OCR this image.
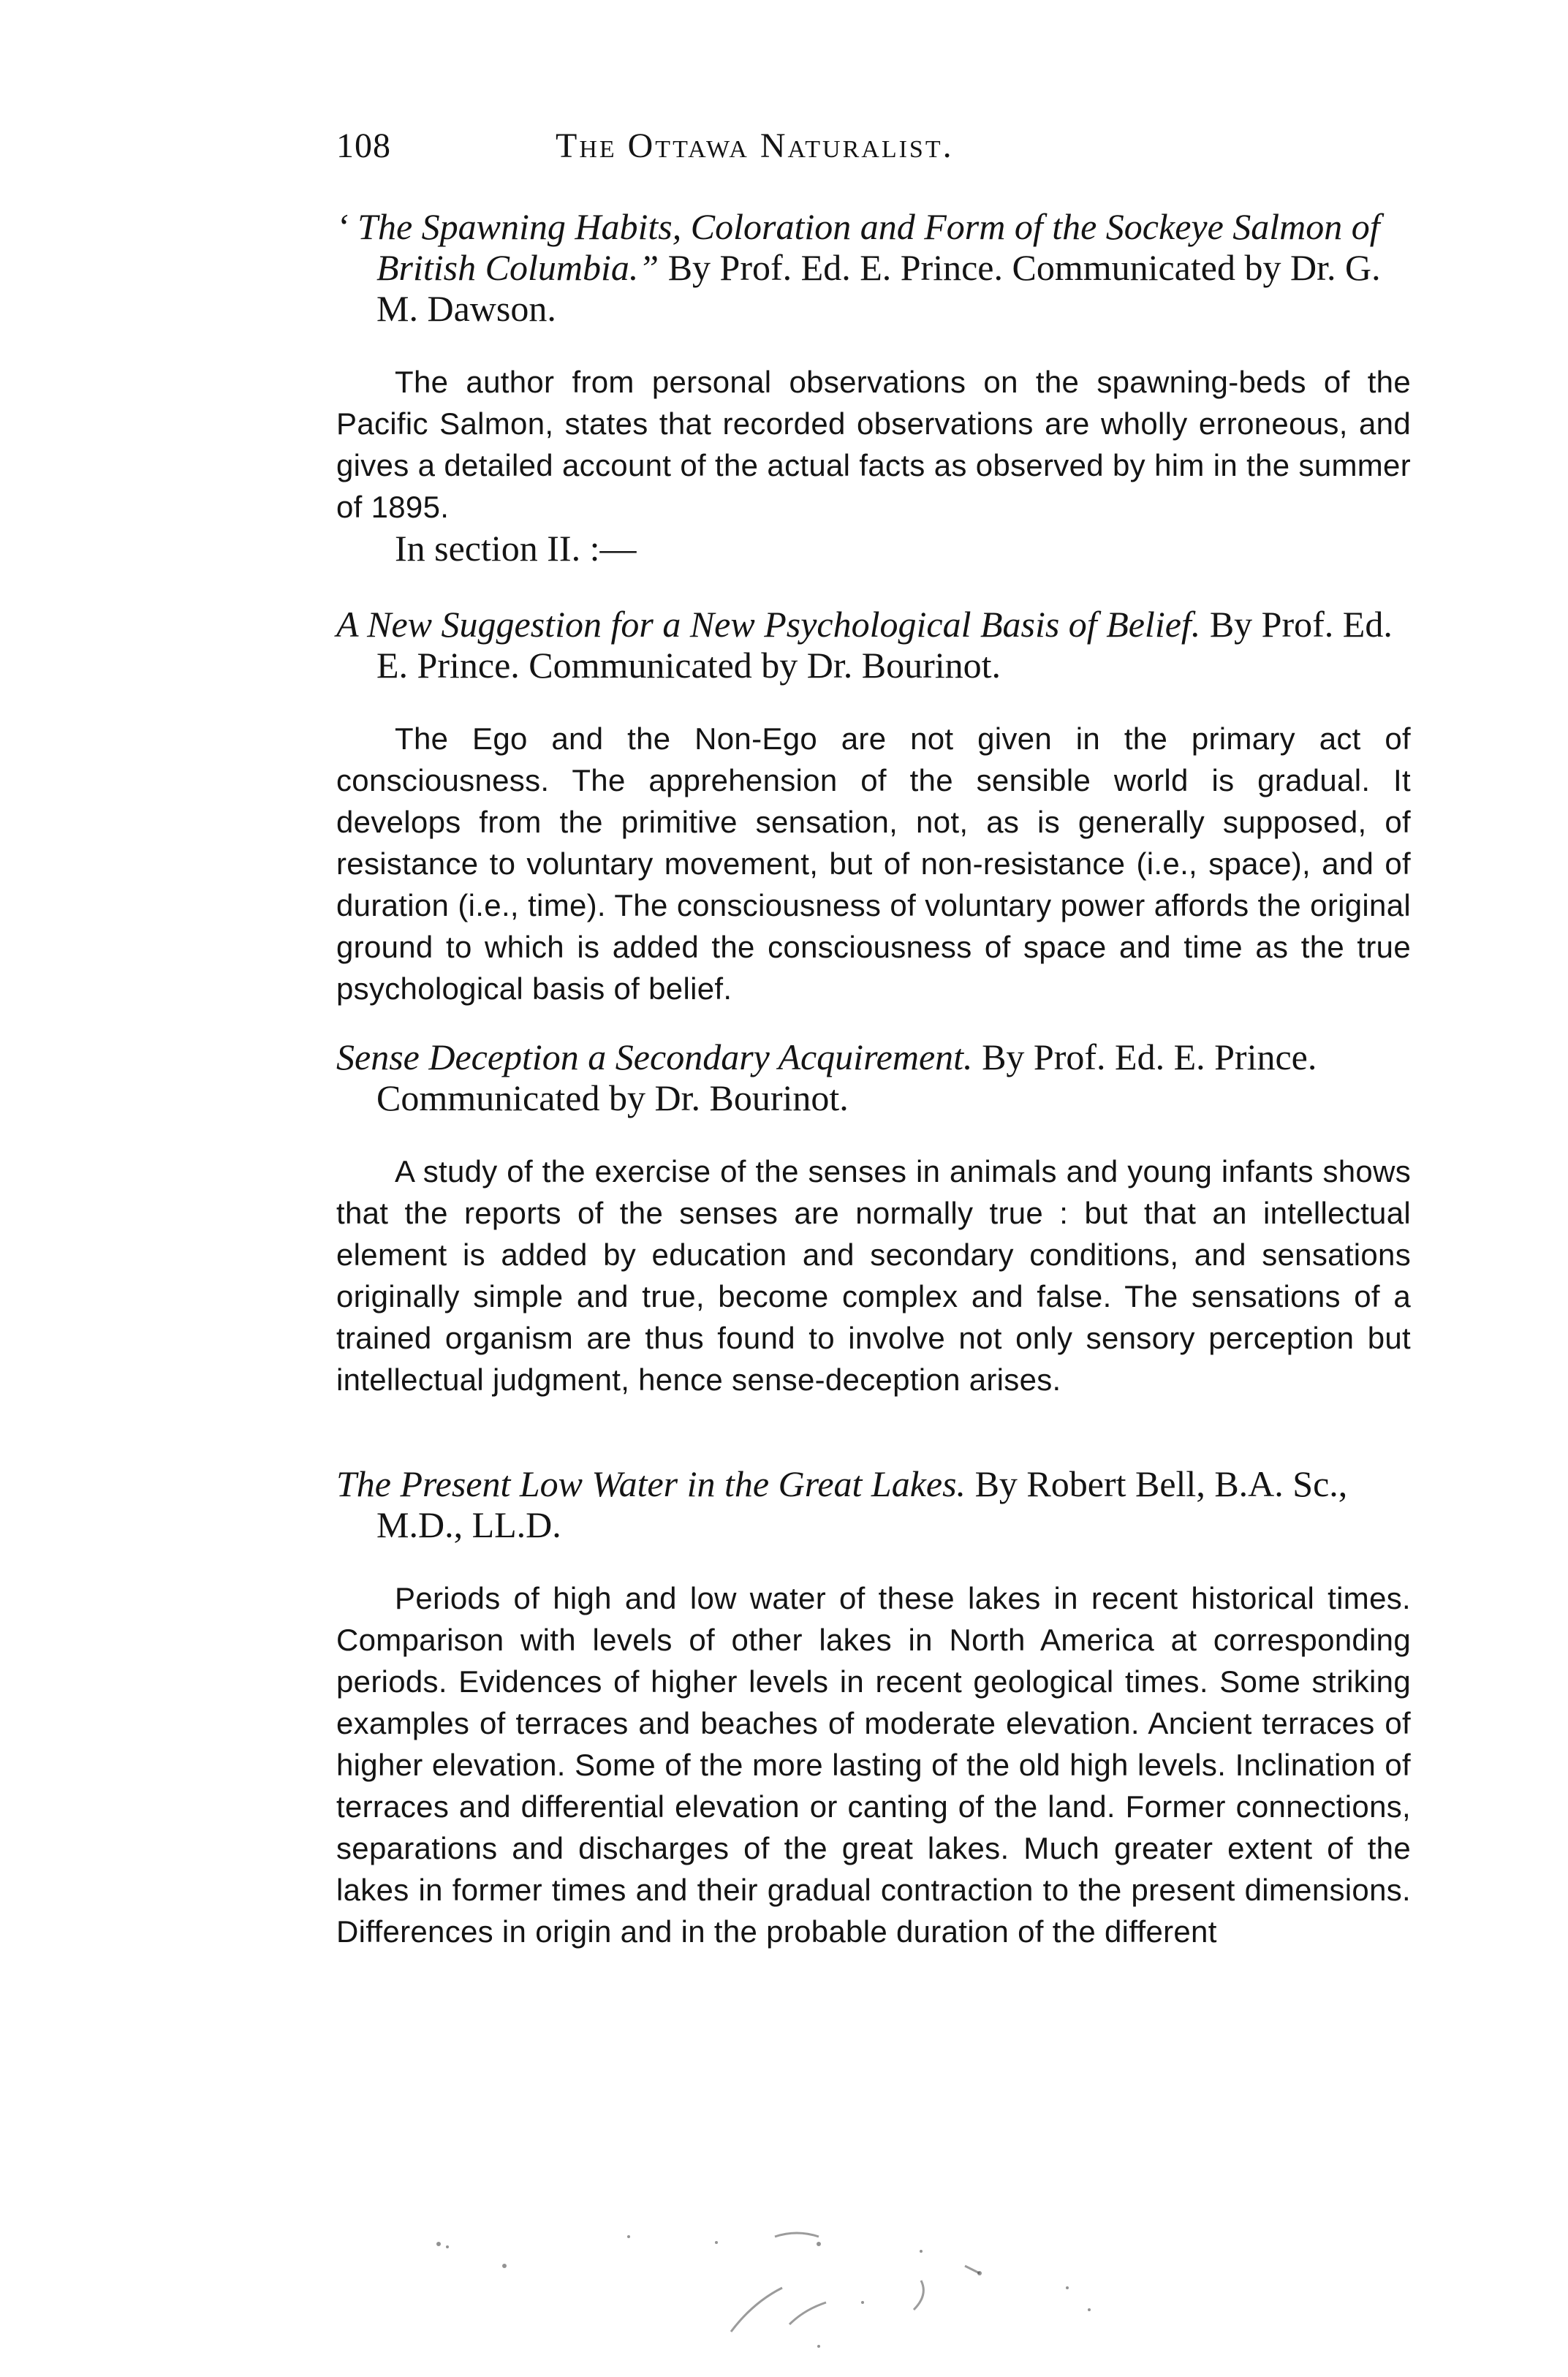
108	The Ottawa Naturalist.

‘ The Spawning Habits, Coloration and Form of the Sockeye Salmon of British Columbia.” By Prof. Ed. E. Prince. Communicated by Dr. G. M. Dawson.

The author from personal observations on the spawning-beds of the Pacific Salmon, states that recorded observations are wholly erroneous, and gives a detailed account of the actual facts as observed by him in the summer of 1895.

In section II. :—

A New Suggestion for a New Psychological Basis of Belief. By Prof. Ed. E. Prince. Communicated by Dr. Bourinot.

The Ego and the Non-Ego are not given in the primary act of consciousness. The apprehension of the sensible world is gradual. It develops from the primitive sensation, not, as is generally supposed, of resistance to voluntary movement, but of non-resistance (i.e., space), and of duration (i.e., time). The consciousness of voluntary power affords the original ground to which is added the consciousness of space and time as the true psychological basis of belief.

Sense Deception a Secondary Acquirement. By Prof. Ed. E. Prince. Communicated by Dr. Bourinot.

A study of the exercise of the senses in animals and young infants shows that the reports of the senses are normally true : but that an intellectual element is added by education and secondary conditions, and sensations originally simple and true, become complex and false. The sensations of a trained organism are thus found to involve not only sensory perception but intellectual judgment, hence sense-deception arises.

The Present Low Water in the Great Lakes. By Robert Bell, B.A. Sc., M.D., LL.D.

Periods of high and low water of these lakes in recent historical times. Comparison with levels of other lakes in North America at corresponding periods. Evidences of higher levels in recent geological times. Some striking examples of terraces and beaches of moderate elevation. Ancient terraces of higher elevation. Some of the more lasting of the old high levels. Inclination of terraces and differential elevation or canting of the land. Former connections, separations and discharges of the great lakes. Much greater extent of the lakes in former times and their gradual contraction to the present dimensions. Differences in origin and in the probable duration of the different
